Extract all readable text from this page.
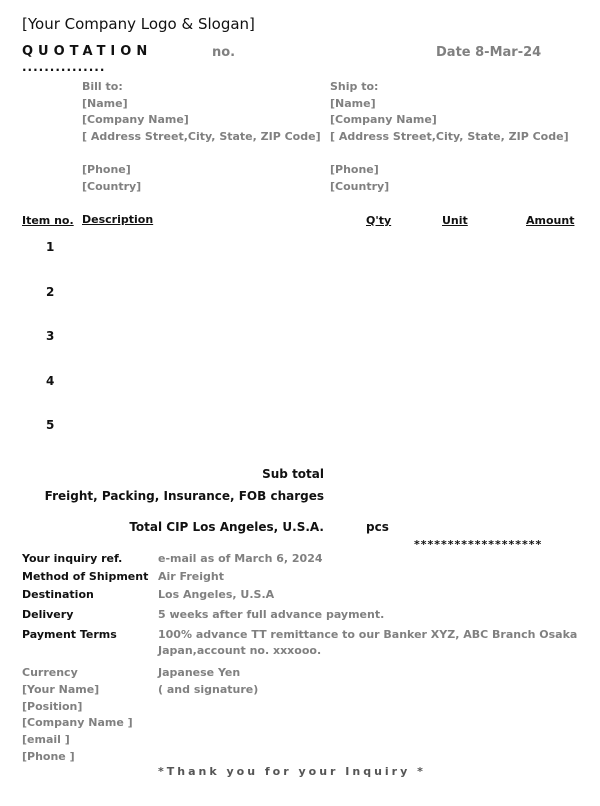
[Your Company Logo & Slogan]
QUOTATION
...............
no.	Date 8-Mar-24
Bill to:
[Name]
[Company Name]
[ Address Street,City, State, ZIP Code]
[Phone]
[Country]
Ship to:
[Name]
[Company Name]
[ Address Street,City, State, ZIP Code]
[Phone]
[Country]
Item no. Description	Q'ty	Unit	Amount
1
2
3
4
5
Sub total
Freight, Packing, Insurance, FOB charges
Total CIP Los Angeles, U.S.A.	pcs
*******************
Your inquiry ref.	e-mail as of March 6, 2024
Method of Shipment Air Freight
Destination	Los Angeles, U.S.A
Delivery	5 weeks after full advance payment.
Payment Terms	100% advance TT remittance to our Banker XYZ, ABC Branch Osaka
Japan,account no. xxxooo.
Currency	Japanese Yen
[Your Name]	( and signature)
[Position]
[Company Name ]
[email ]
[Phone ]
*Thank you for your Inquiry *
